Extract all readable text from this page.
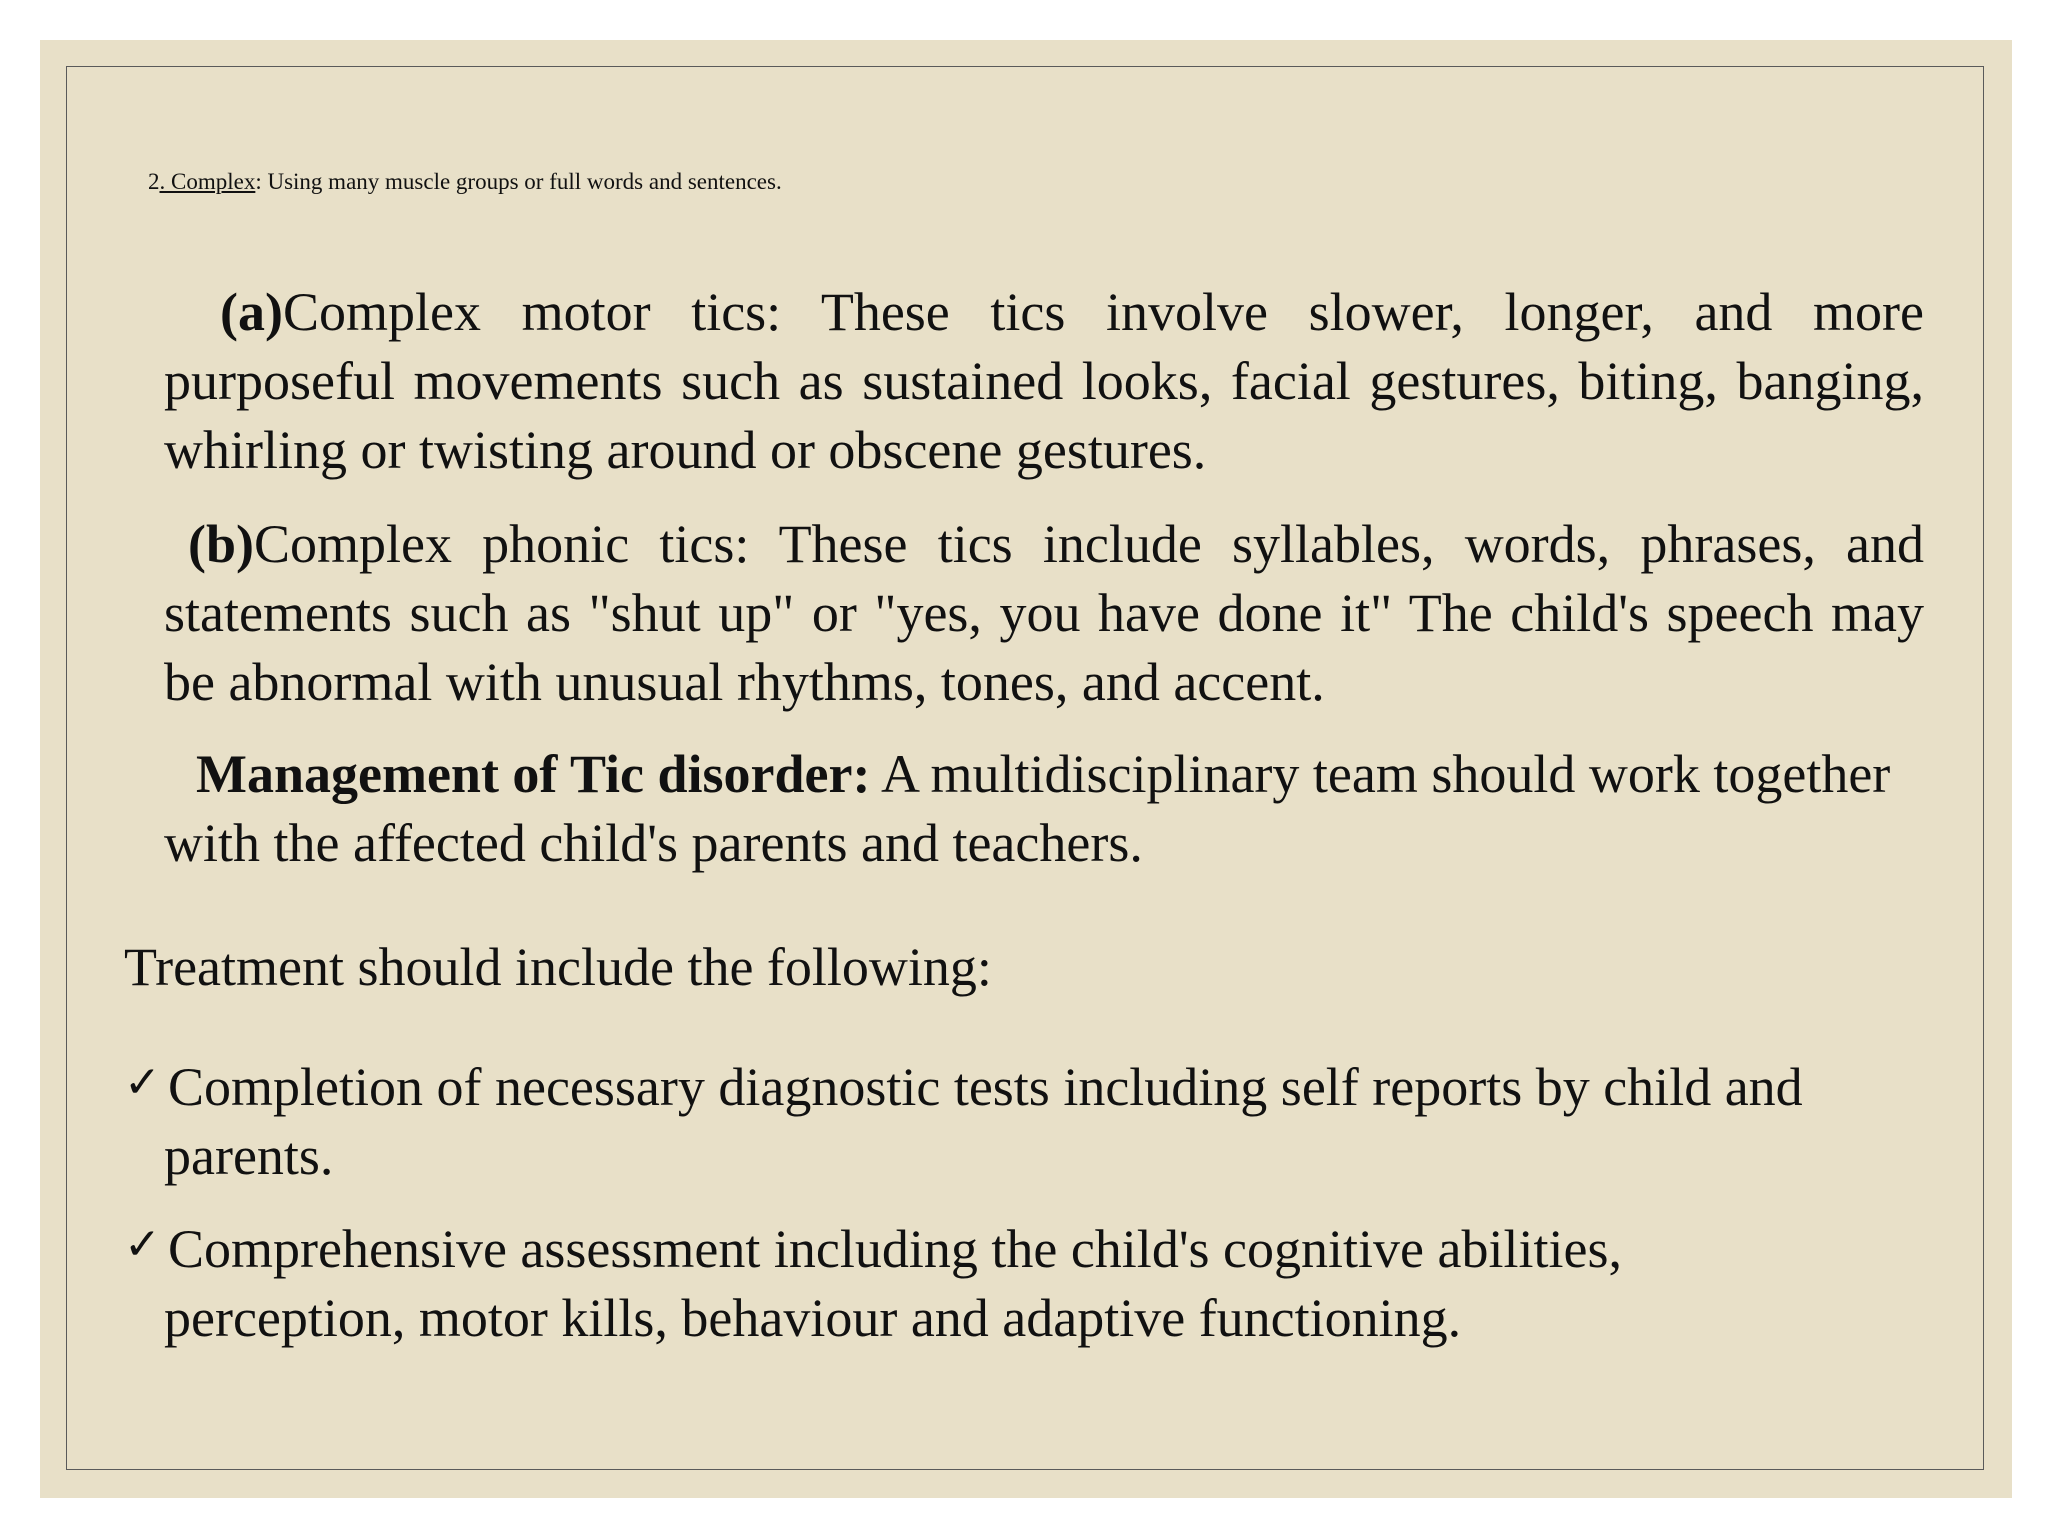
2. Complex: Using many muscle groups or full words and sentences.
(a)Complex motor tics: These tics involve slower, longer, and more purposeful movements such as sustained looks, facial gestures, biting, banging, whirling or twisting around or obscene gestures.
(b)Complex phonic tics: These tics include syllables, words, phrases, and statements such as "shut up" or "yes, you have done it" The child's speech may be abnormal with unusual rhythms, tones, and accent.
Management of Tic disorder: A multidisciplinary team should work together with the affected child's parents and teachers.
Treatment should include the following:
✓ Completion of necessary diagnostic tests including self reports by child and
parents.
✓ Comprehensive assessment including the child's cognitive abilities,
perception, motor kills, behaviour and adaptive functioning.
